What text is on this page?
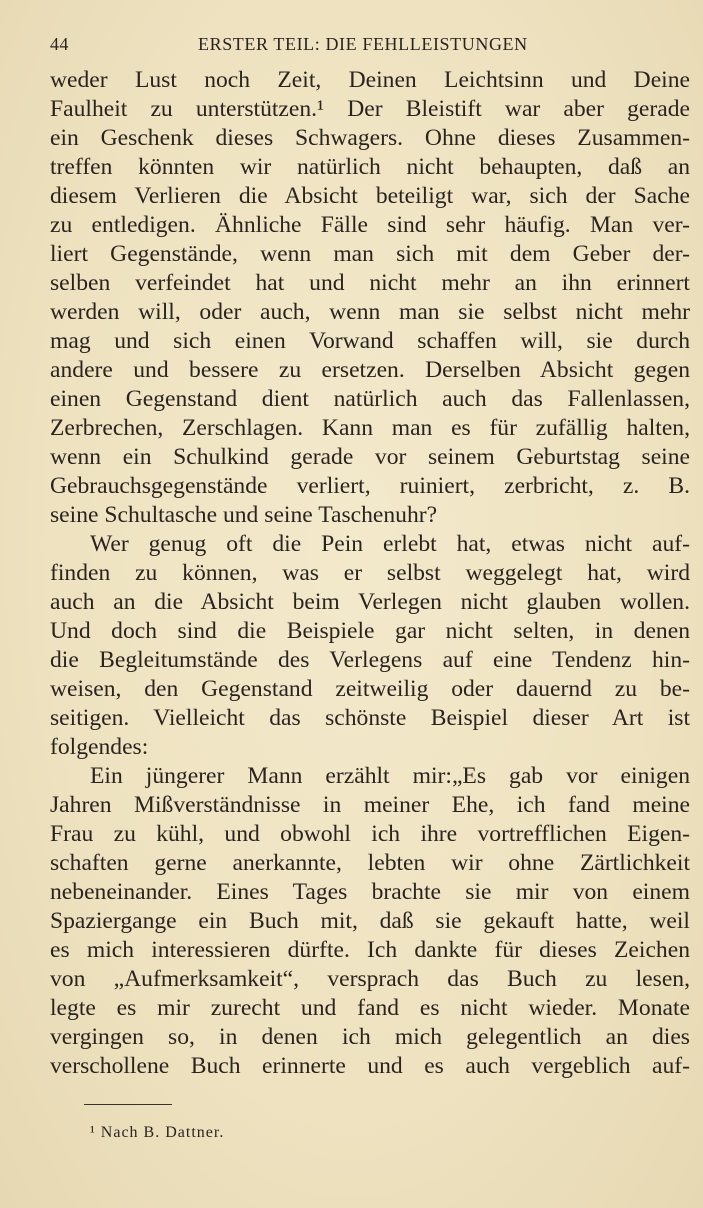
44	ERSTER TEIL: DIE FEHLLEISTUNGEN
weder Lust noch Zeit, Deinen Leichtsinn und Deine
Faulheit zu unterstützen.¹ Der Bleistift war aber gerade
ein Geschenk dieses Schwagers. Ohne dieses Zusammen-
treffen könnten wir natürlich nicht behaupten, daß an
diesem Verlieren die Absicht beteiligt war, sich der Sache
zu entledigen. Ähnliche Fälle sind sehr häufig. Man ver-
liert Gegenstände, wenn man sich mit dem Geber der-
selben verfeindet hat und nicht mehr an ihn erinnert
werden will, oder auch, wenn man sie selbst nicht mehr
mag und sich einen Vorwand schaffen will, sie durch
andere und bessere zu ersetzen. Derselben Absicht gegen
einen Gegenstand dient natürlich auch das Fallenlassen,
Zerbrechen, Zerschlagen. Kann man es für zufällig halten,
wenn ein Schulkind gerade vor seinem Geburtstag seine
Gebrauchsgegenstände verliert, ruiniert, zerbricht, z. B.
seine Schultasche und seine Taschenuhr?
Wer genug oft die Pein erlebt hat, etwas nicht auf-
finden zu können, was er selbst weggelegt hat, wird
auch an die Absicht beim Verlegen nicht glauben wollen.
Und doch sind die Beispiele gar nicht selten, in denen
die Begleitumstände des Verlegens auf eine Tendenz hin-
weisen, den Gegenstand zeitweilig oder dauernd zu be-
seitigen. Vielleicht das schönste Beispiel dieser Art ist
folgendes:
Ein jüngerer Mann erzählt mir:„Es gab vor einigen
Jahren Mißverständnisse in meiner Ehe, ich fand meine
Frau zu kühl, und obwohl ich ihre vortrefflichen Eigen-
schaften gerne anerkannte, lebten wir ohne Zärtlichkeit
nebeneinander. Eines Tages brachte sie mir von einem
Spaziergange ein Buch mit, daß sie gekauft hatte, weil
es mich interessieren dürfte. Ich dankte für dieses Zeichen
von „Aufmerksamkeit“, versprach das Buch zu lesen,
legte es mir zurecht und fand es nicht wieder. Monate
vergingen so, in denen ich mich gelegentlich an dies
verschollene Buch erinnerte und es auch vergeblich auf-
¹ Nach B. Dattner.
